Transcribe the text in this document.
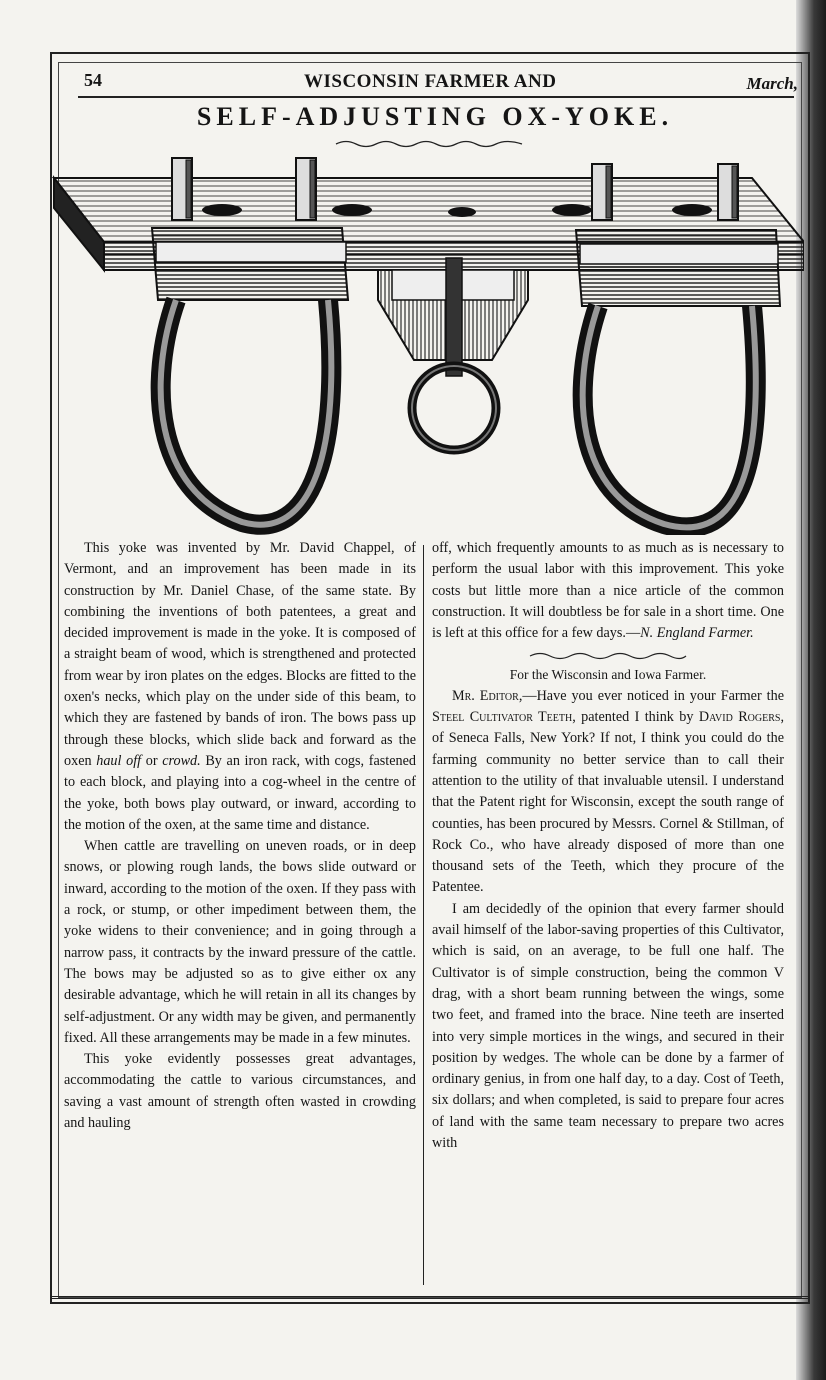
54	WISCONSIN FARMER AND	March,
SELF-ADJUSTING OX-YOKE.

This yoke was invented by Mr. David Chappel, of Vermont, and an improvement has been made in its construction by Mr. Daniel Chase, of the same state. By combining the inventions of both patentees, a great and decided improvement is made in the yoke. It is composed of a straight beam of wood, which is strengthened and protected from wear by iron plates on the edges. Blocks are fitted to the oxen's necks, which play on the under side of this beam, to which they are fastened by bands of iron. The bows pass up through these blocks, which slide back and forward as the oxen haul off or crowd. By an iron rack, with cogs, fastened to each block, and playing into a cog-wheel in the centre of the yoke, both bows play outward, or inward, according to the motion of the oxen, at the same time and distance.

When cattle are travelling on uneven roads, or in deep snows, or plowing rough lands, the bows slide outward or inward, according to the motion of the oxen. If they pass with a rock, or stump, or other impediment between them, the yoke widens to their convenience; and in going through a narrow pass, it contracts by the inward pressure of the cattle. The bows may be adjusted so as to give either ox any desirable advantage, which he will retain in all its changes by self-adjustment. Or any width may be given, and permanently fixed. All these arrangements may be made in a few minutes.

This yoke evidently possesses great advantages, accommodating the cattle to various circumstances, and saving a vast amount of strength often wasted in crowding and hauling

off, which frequently amounts to as much as is necessary to perform the usual labor with this improvement. This yoke costs but little more than a nice article of the common construction. It will doubtless be for sale in a short time. One is left at this office for a few days.—N. England Farmer.

For the Wisconsin and Iowa Farmer.

Mr. Editor,—Have you ever noticed in your Farmer the Steel Cultivator Teeth, patented I think by David Rogers, of Seneca Falls, New York? If not, I think you could do the farming community no better service than to call their attention to the utility of that invaluable utensil. I understand that the Patent right for Wisconsin, except the south range of counties, has been procured by Messrs. Cornel & Stillman, of Rock Co., who have already disposed of more than one thousand sets of the Teeth, which they procure of the Patentee.

I am decidedly of the opinion that every farmer should avail himself of the labor-saving properties of this Cultivator, which is said, on an average, to be full one half. The Cultivator is of simple construction, being the common V drag, with a short beam running between the wings, some two feet, and framed into the brace. Nine teeth are inserted into very simple mortices in the wings, and secured in their position by wedges. The whole can be done by a farmer of ordinary genius, in from one half day, to a day. Cost of Teeth, six dollars; and when completed, is said to prepare four acres of land with the same team necessary to prepare two acres with
